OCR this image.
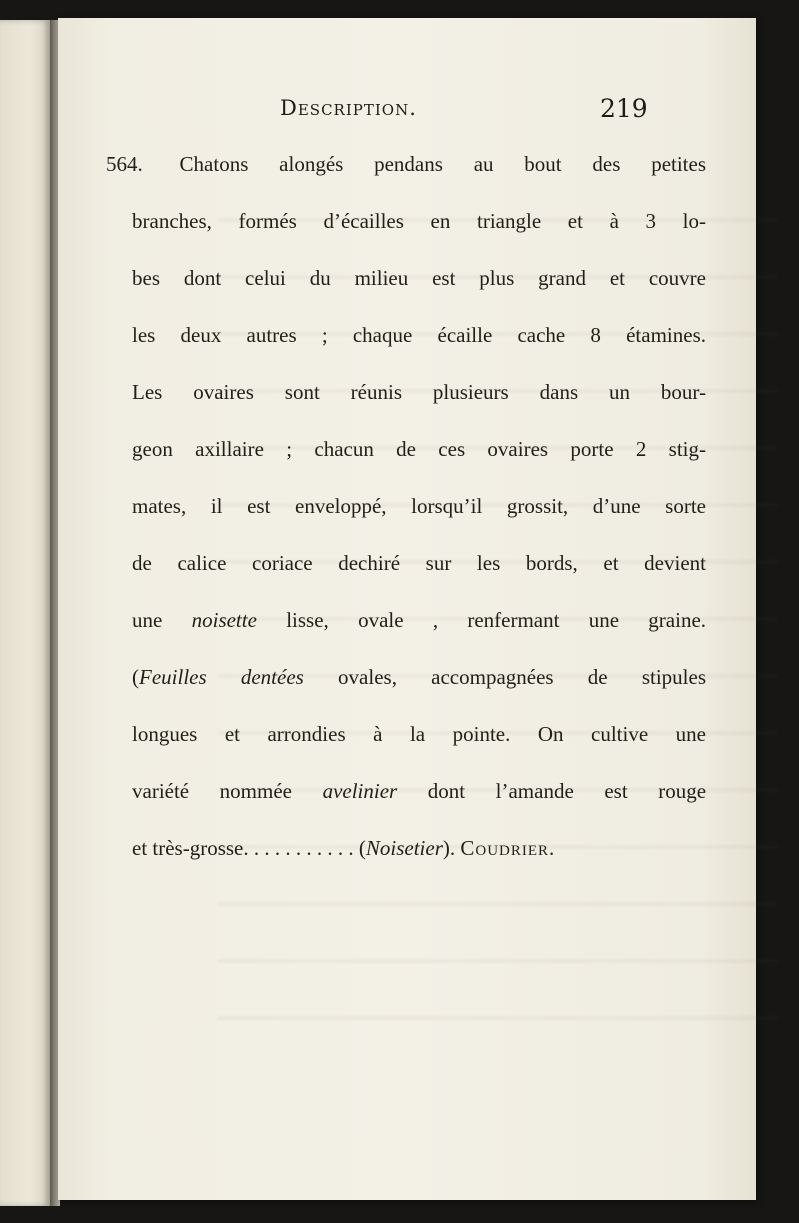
Description.	219
564. Chatons alongés pendans au bout des petites
branches, formés d’écailles en triangle et à 3 lo-
bes dont celui du milieu est plus grand et couvre
les deux autres ; chaque écaille cache 8 étamines.
Les ovaires sont réunis plusieurs dans un bour-
geon axillaire ; chacun de ces ovaires porte 2 stig-
mates, il est enveloppé, lorsqu’il grossit, d’une sorte
de calice coriace dechiré sur les bords, et devient
une noisette lisse, ovale , renfermant une graine.
(Feuilles dentées ovales, accompagnées de stipules
longues et arrondies à la pointe. On cultive une
variété nommée avelinier dont l’amande est rouge
et très-grosse. . . . . . . . . . . (Noisetier). Coudrier.
